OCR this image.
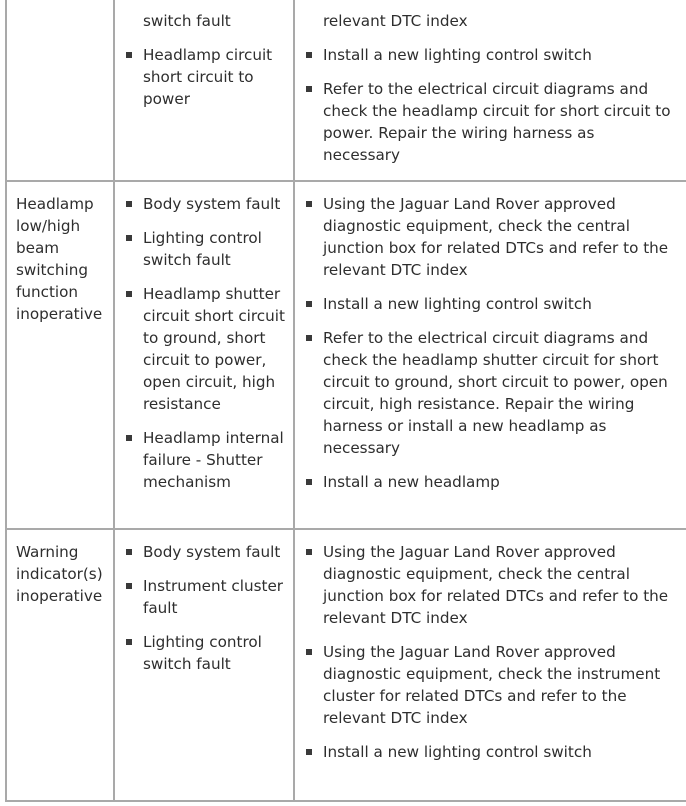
switch fault
Headlamp circuit short circuit to power
relevant DTC index
Install a new lighting control switch
Refer to the electrical circuit diagrams and check the headlamp circuit for short circuit to power. Repair the wiring harness as necessary
Headlamp low/high beam switching function inoperative
Body system fault
Lighting control switch fault
Headlamp shutter circuit short circuit to ground, short circuit to power, open circuit, high resistance
Headlamp internal failure - Shutter mechanism
Using the Jaguar Land Rover approved diagnostic equipment, check the central junction box for related DTCs and refer to the relevant DTC index
Install a new lighting control switch
Refer to the electrical circuit diagrams and check the headlamp shutter circuit for short circuit to ground, short circuit to power, open circuit, high resistance. Repair the wiring harness or install a new headlamp as necessary
Install a new headlamp
Warning indicator(s) inoperative
Body system fault
Instrument cluster fault
Lighting control switch fault
Using the Jaguar Land Rover approved diagnostic equipment, check the central junction box for related DTCs and refer to the relevant DTC index
Using the Jaguar Land Rover approved diagnostic equipment, check the instrument cluster for related DTCs and refer to the relevant DTC index
Install a new lighting control switch
